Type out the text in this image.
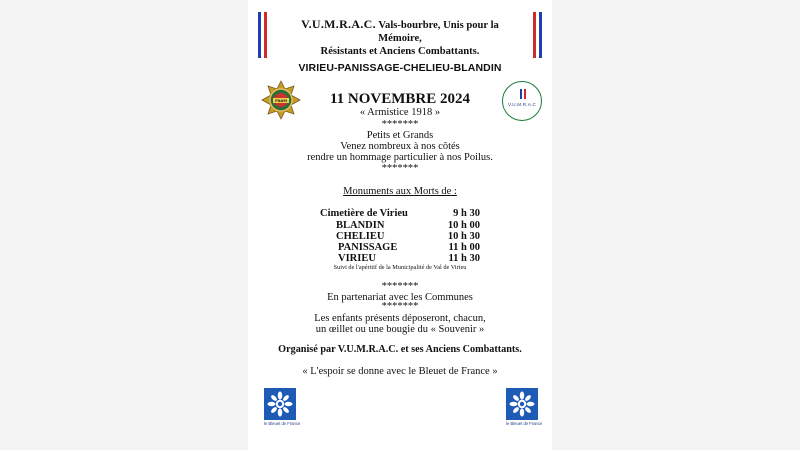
V.U.M.R.A.C. Vals-bourbre, Unis pour la Mémoire,
Résistants et Anciens Combattants.
VIRIEU-PANISSAGE-CHELIEU-BLANDIN
FNAM
V.U.M.R.A.C
11 NOVEMBRE 2024
« Armistice 1918 »
*******
Petits et Grands
Venez nombreux à nos côtés
rendre un hommage particulier à nos Poilus.
*******
Monuments aux Morts de :
Cimetière de Virieu	9 h 30
BLANDIN	10 h 00
CHELIEU	10 h 30
PANISSAGE	11 h 00
VIRIEU	11 h 30
Suivi de l'apéritif de la Municipalité de Val de Virieu
*******
En partenariat avec les Communes
*******
Les enfants présents déposeront, chacun,
un œillet ou une bougie du « Souvenir »
Organisé par V.U.M.R.A.C. et ses Anciens Combattants.
« L'espoir se donne avec le Bleuet de France »
le Bleuet de France	le Bleuet de France
